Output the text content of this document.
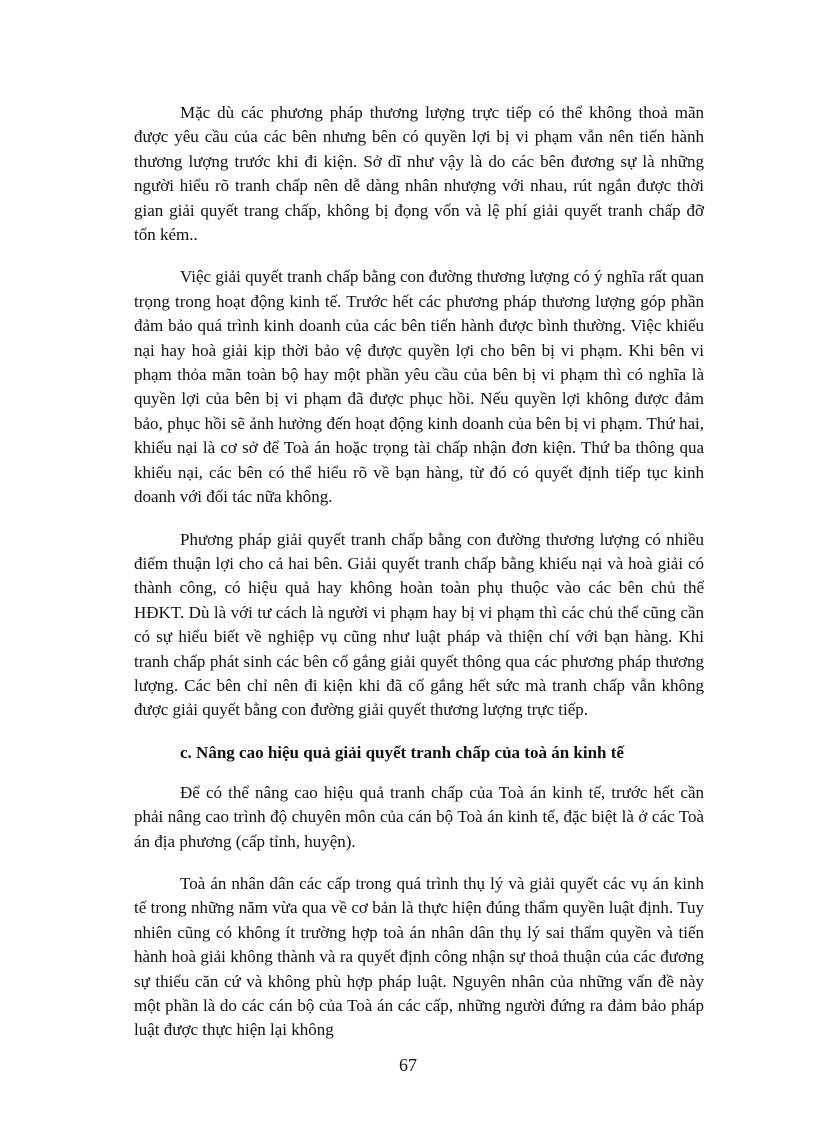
Mặc dù các phương pháp thương lượng trực tiếp có thể không thoả mãn được yêu cầu của các bên nhưng bên có quyền lợi bị vi phạm vẫn nên tiến hành thương lượng trước khi đi kiện. Sở dĩ như vậy là do các bên đương sự là những người hiểu rõ tranh chấp nên dễ dàng nhân nhượng với nhau, rút ngắn được thời gian giải quyết trang chấp, không bị đọng vốn và lệ phí giải quyết tranh chấp đỡ tốn kém..

Việc giải quyết tranh chấp bằng con đường thương lượng có ý nghĩa rất quan trọng trong hoạt động kinh tế. Trước hết các phương pháp thương lượng góp phần đảm bảo quá trình kinh doanh của các bên tiến hành được bình thường. Việc khiếu nại hay hoà giải kịp thời bảo vệ được quyền lợi cho bên bị vi phạm. Khi bên vi phạm thỏa mãn toàn bộ hay một phần yêu cầu của bên bị vi phạm thì có nghĩa là quyền lợi của bên bị vi phạm đã được phục hồi. Nếu quyền lợi không được đảm bảo, phục hồi sẽ ảnh hưởng đến hoạt động kinh doanh của bên bị vi phạm. Thứ hai, khiếu nại là cơ sở để Toà án hoặc trọng tài chấp nhận đơn kiện. Thứ ba thông qua khiếu nại, các bên có thể hiểu rõ về bạn hàng, từ đó có quyết định tiếp tục kinh doanh với đối tác nữa không.

Phương pháp giải quyết tranh chấp bằng con đường thương lượng có nhiều điểm thuận lợi cho cả hai bên. Giải quyết tranh chấp bằng khiếu nại và hoà giải có thành công, có hiệu quả hay không hoàn toàn phụ thuộc vào các bên chủ thể HĐKT. Dù là với tư cách là người vi phạm hay bị vi phạm thì các chủ thể cũng cần có sự hiểu biết về nghiệp vụ cũng như luật pháp và thiện chí với bạn hàng. Khi tranh chấp phát sinh các bên cố gắng giải quyết thông qua các phương pháp thương lượng. Các bên chỉ nên đi kiện khi đã cố gắng hết sức mà tranh chấp vẫn không được giải quyết bằng con đường giải quyết thương lượng trực tiếp.

c. Nâng cao hiệu quả giải quyết tranh chấp của toà án kinh tế

Để có thể nâng cao hiệu quả tranh chấp của Toà án kinh tế, trước hết cần phải nâng cao trình độ chuyên môn của cán bộ Toà án kinh tế, đặc biệt là ở các Toà án địa phương (cấp tỉnh, huyện).

Toà án nhân dân các cấp trong quá trình thụ lý và giải quyết các vụ án kinh tế trong những năm vừa qua về cơ bản là thực hiện đúng thẩm quyền luật định. Tuy nhiên cũng có không ít trường hợp toà án nhân dân thụ lý sai thẩm quyền và tiến hành hoà giải không thành và ra quyết định công nhận sự thoả thuận của các đương sự thiếu căn cứ và không phù hợp pháp luật. Nguyên nhân của những vấn đề này một phần là do các cán bộ của Toà án các cấp, những người đứng ra đảm bảo pháp luật được thực hiện lại không

67
